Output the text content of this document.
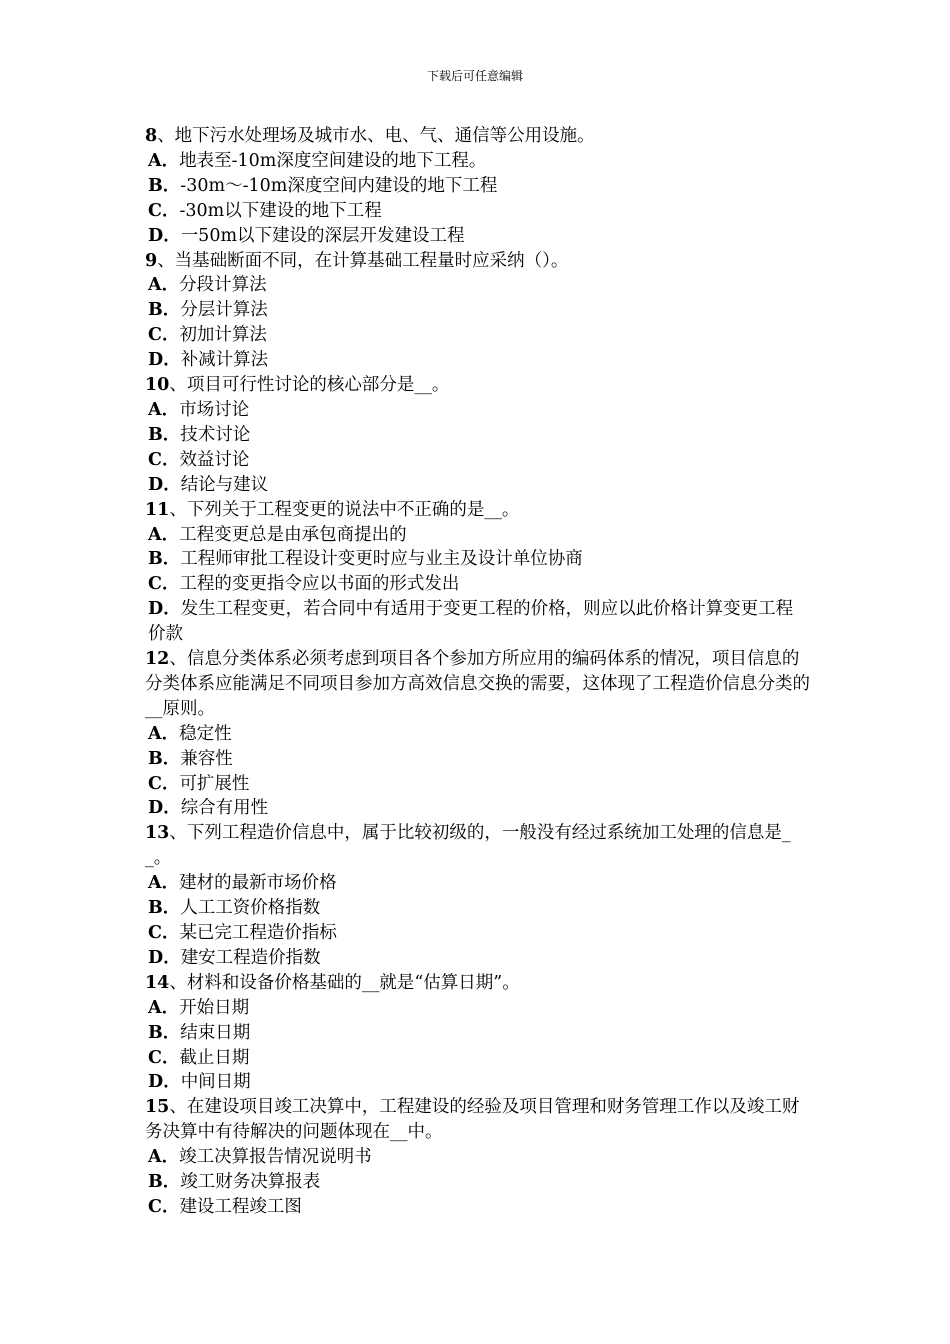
下载后可任意编辑
8、地下污水处理场及城市水、电、气、通信等公用设施。
A．地表至-10m深度空间建设的地下工程。
B．-30m～-10m深度空间内建设的地下工程
C．-30m以下建设的地下工程
D．一50m以下建设的深层开发建设工程
9、当基础断面不同，在计算基础工程量时应采纳（）。
A．分段计算法
B．分层计算法
C．初加计算法
D．补减计算法
10、项目可行性讨论的核心部分是__。
A．市场讨论
B．技术讨论
C．效益讨论
D．结论与建议
11、下列关于工程变更的说法中不正确的是__。
A．工程变更总是由承包商提出的
B．工程师审批工程设计变更时应与业主及设计单位协商
C．工程的变更指令应以书面的形式发出
D．发生工程变更，若合同中有适用于变更工程的价格，则应以此价格计算变更工程价款
12、信息分类体系必须考虑到项目各个参加方所应用的编码体系的情况，项目信息的分类体系应能满足不同项目参加方高效信息交换的需要，这体现了工程造价信息分类的__原则。
A．稳定性
B．兼容性
C．可扩展性
D．综合有用性
13、下列工程造价信息中，属于比较初级的，一般没有经过系统加工处理的信息是__。
A．建材的最新市场价格
B．人工工资价格指数
C．某已完工程造价指标
D．建安工程造价指数
14、材料和设备价格基础的__就是“估算日期”。
A．开始日期
B．结束日期
C．截止日期
D．中间日期
15、在建设项目竣工决算中，工程建设的经验及项目管理和财务管理工作以及竣工财务决算中有待解决的问题体现在__中。
A．竣工决算报告情况说明书
B．竣工财务决算报表
C．建设工程竣工图
